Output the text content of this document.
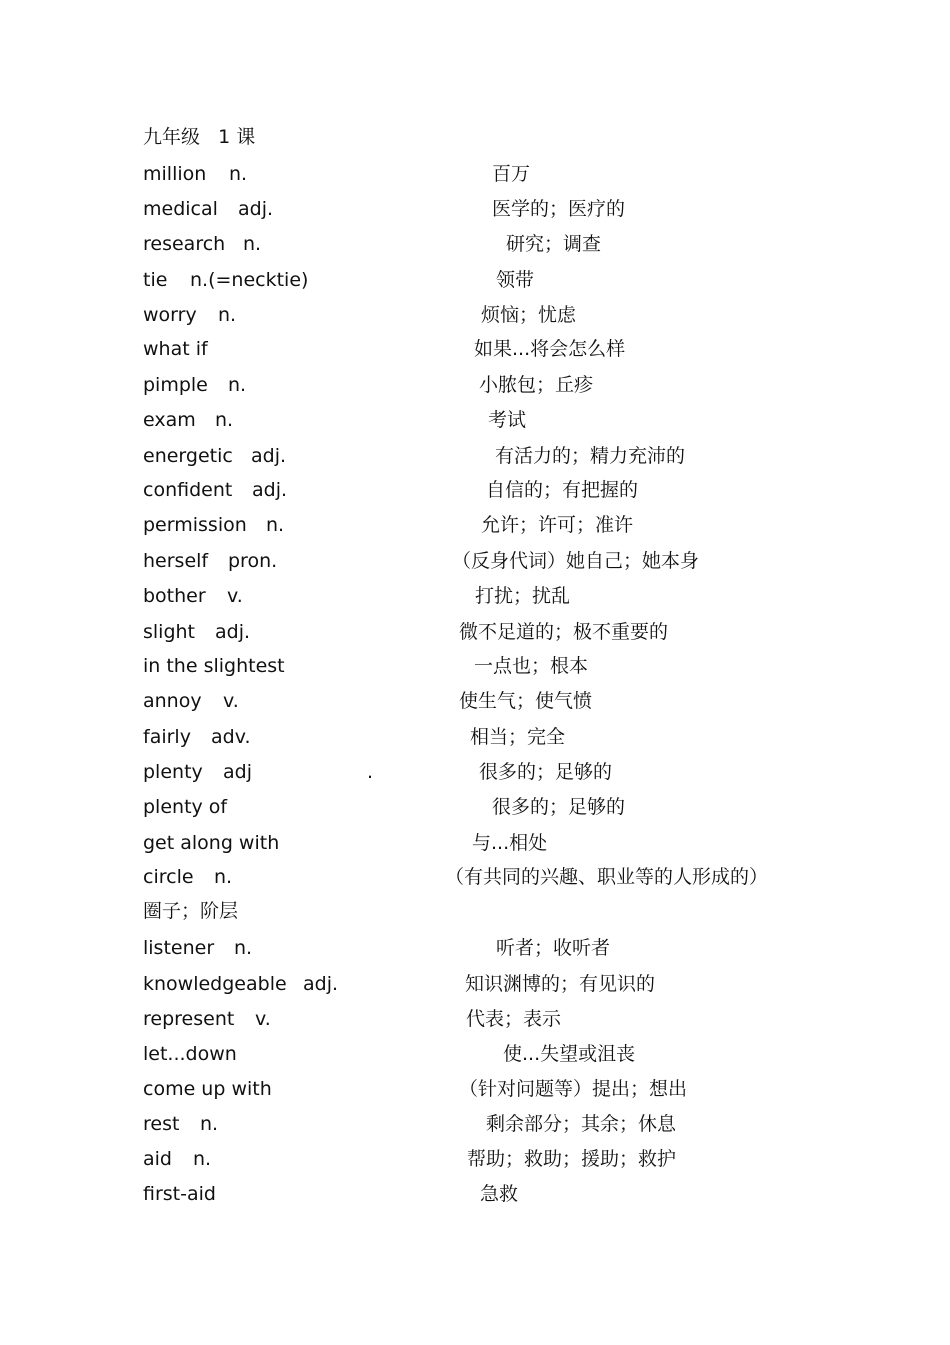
九年级   1 课
million n.	百万
medical adj.	医学的；医疗的
research n.	研究；调查
tie n.(=necktie)	领带
worry n.	烦恼；忧虑
what if	如果...将会怎么样
pimple n.	小脓包；丘疹
exam n.	考试
energetic adj.	有活力的；精力充沛的
confident adj.	自信的；有把握的
permission n.	允许；许可；准许
herself pron.	（反身代词）她自己；她本身
bother v.	打扰；扰乱
slight adj.	微不足道的；极不重要的
in the slightest	一点也；根本
annoy v.	使生气；使气愤
fairly adv.	相当；完全
plenty adj	.	很多的；足够的
plenty of	很多的；足够的
get along with	与...相处
circle n.	（有共同的兴趣、职业等的人形成的）
圈子；阶层
listener n.	听者；收听者
knowledgeable adj.	知识渊博的；有见识的
represent v.	代表；表示
let...down	使...失望或沮丧
come up with	（针对问题等）提出；想出
rest n.	剩余部分；其余；休息
aid n.	帮助；救助；援助；救护
first-aid	急救
